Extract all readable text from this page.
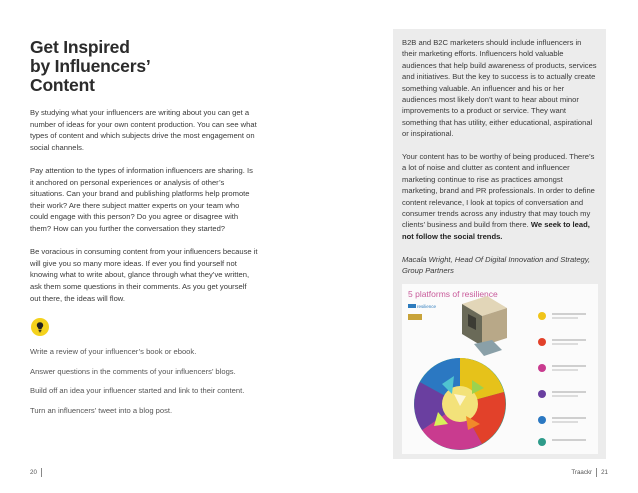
Get Inspired
by Influencers’
Content

By studying what your influencers are writing about you can get a number of ideas for your own content production. You can see what types of content and which subjects drive the most engagement on social channels.

Pay attention to the types of information influencers are sharing. Is it anchored on personal experiences or analysis of other’s situations. Can your brand and publishing platforms help promote their work? Are there subject matter experts on your team who could engage with this person? Do you agree or disagree with them? How can you further the conversation they started?

Be voracious in consuming content from your influencers because it will give you so many more ideas. If ever you find yourself not knowing what to write about, glance through what they’ve written, ask them some questions in their comments. As you get yourself out there, the ideas will flow.

Write a review of your influencer’s book or ebook.

Answer questions in the comments of your influencers’ blogs.

Build off an idea your influencer started and link to their content.

Turn an influencers’ tweet into a blog post.

B2B and B2C marketers should include influencers in their marketing efforts. Influencers hold valuable audiences that help build awareness of products, services and initiatives. But the key to success is to actually create something valuable. An influencer and his or her audiences most likely don’t want to hear about minor improvements to a product or service. They want something that has utility, either educational, aspirational or inspirational.

Your content has to be worthy of being produced. There’s a lot of noise and clutter as content and influencer marketing continue to rise as practices amongst marketing, brand and PR professionals. In order to define content relevance, I look at topics of conversation and consumer trends across any industry that may touch my clients’ business and build from there. We seek to lead, not follow the social trends.

Macala Wright, Head Of Digital Innovation and Strategy, Group Partners

5 platforms of resilience
resilience
20	Traackr 21
